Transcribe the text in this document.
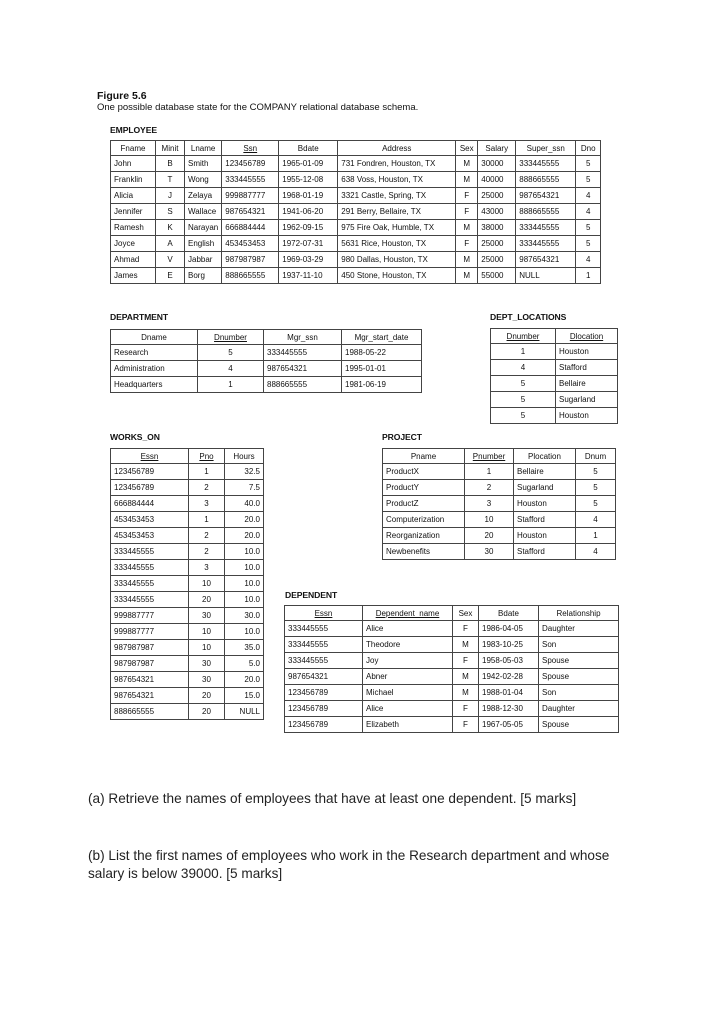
Figure 5.6
One possible database state for the COMPANY relational database schema.
EMPLOYEE
Fname	Minit	Lname	Ssn	Bdate	Address	Sex	Salary	Super_ssn	Dno
John	B	Smith	123456789	1965-01-09	731 Fondren, Houston, TX	M	30000	333445555	5
Franklin	T	Wong	333445555	1955-12-08	638 Voss, Houston, TX	M	40000	888665555	5
Alicia	J	Zelaya	999887777	1968-01-19	3321 Castle, Spring, TX	F	25000	987654321	4
Jennifer	S	Wallace	987654321	1941-06-20	291 Berry, Bellaire, TX	F	43000	888665555	4
Ramesh	K	Narayan	666884444	1962-09-15	975 Fire Oak, Humble, TX	M	38000	333445555	5
Joyce	A	English	453453453	1972-07-31	5631 Rice, Houston, TX	F	25000	333445555	5
Ahmad	V	Jabbar	987987987	1969-03-29	980 Dallas, Houston, TX	M	25000	987654321	4
James	E	Borg	888665555	1937-11-10	450 Stone, Houston, TX	M	55000	NULL	1
DEPARTMENT
Dname	Dnumber	Mgr_ssn	Mgr_start_date
Research	5	333445555	1988-05-22
Administration	4	987654321	1995-01-01
Headquarters	1	888665555	1981-06-19
DEPT_LOCATIONS
Dnumber	Dlocation
1	Houston
4	Stafford
5	Bellaire
5	Sugarland
5	Houston
WORKS_ON
Essn	Pno	Hours
123456789	1	32.5
123456789	2	7.5
666884444	3	40.0
453453453	1	20.0
453453453	2	20.0
333445555	2	10.0
333445555	3	10.0
333445555	10	10.0
333445555	20	10.0
999887777	30	30.0
999887777	10	10.0
987987987	10	35.0
987987987	30	5.0
987654321	30	20.0
987654321	20	15.0
888665555	20	NULL
PROJECT
Pname	Pnumber	Plocation	Dnum
ProductX	1	Bellaire	5
ProductY	2	Sugarland	5
ProductZ	3	Houston	5
Computerization	10	Stafford	4
Reorganization	20	Houston	1
Newbenefits	30	Stafford	4
DEPENDENT
Essn	Dependent_name	Sex	Bdate	Relationship
333445555	Alice	F	1986-04-05	Daughter
333445555	Theodore	M	1983-10-25	Son
333445555	Joy	F	1958-05-03	Spouse
987654321	Abner	M	1942-02-28	Spouse
123456789	Michael	M	1988-01-04	Son
123456789	Alice	F	1988-12-30	Daughter
123456789	Elizabeth	F	1967-05-05	Spouse
(a) Retrieve the names of employees that have at least one dependent. [5 marks]
(b) List the first names of employees who work in the Research department and whose salary is below 39000. [5 marks]
